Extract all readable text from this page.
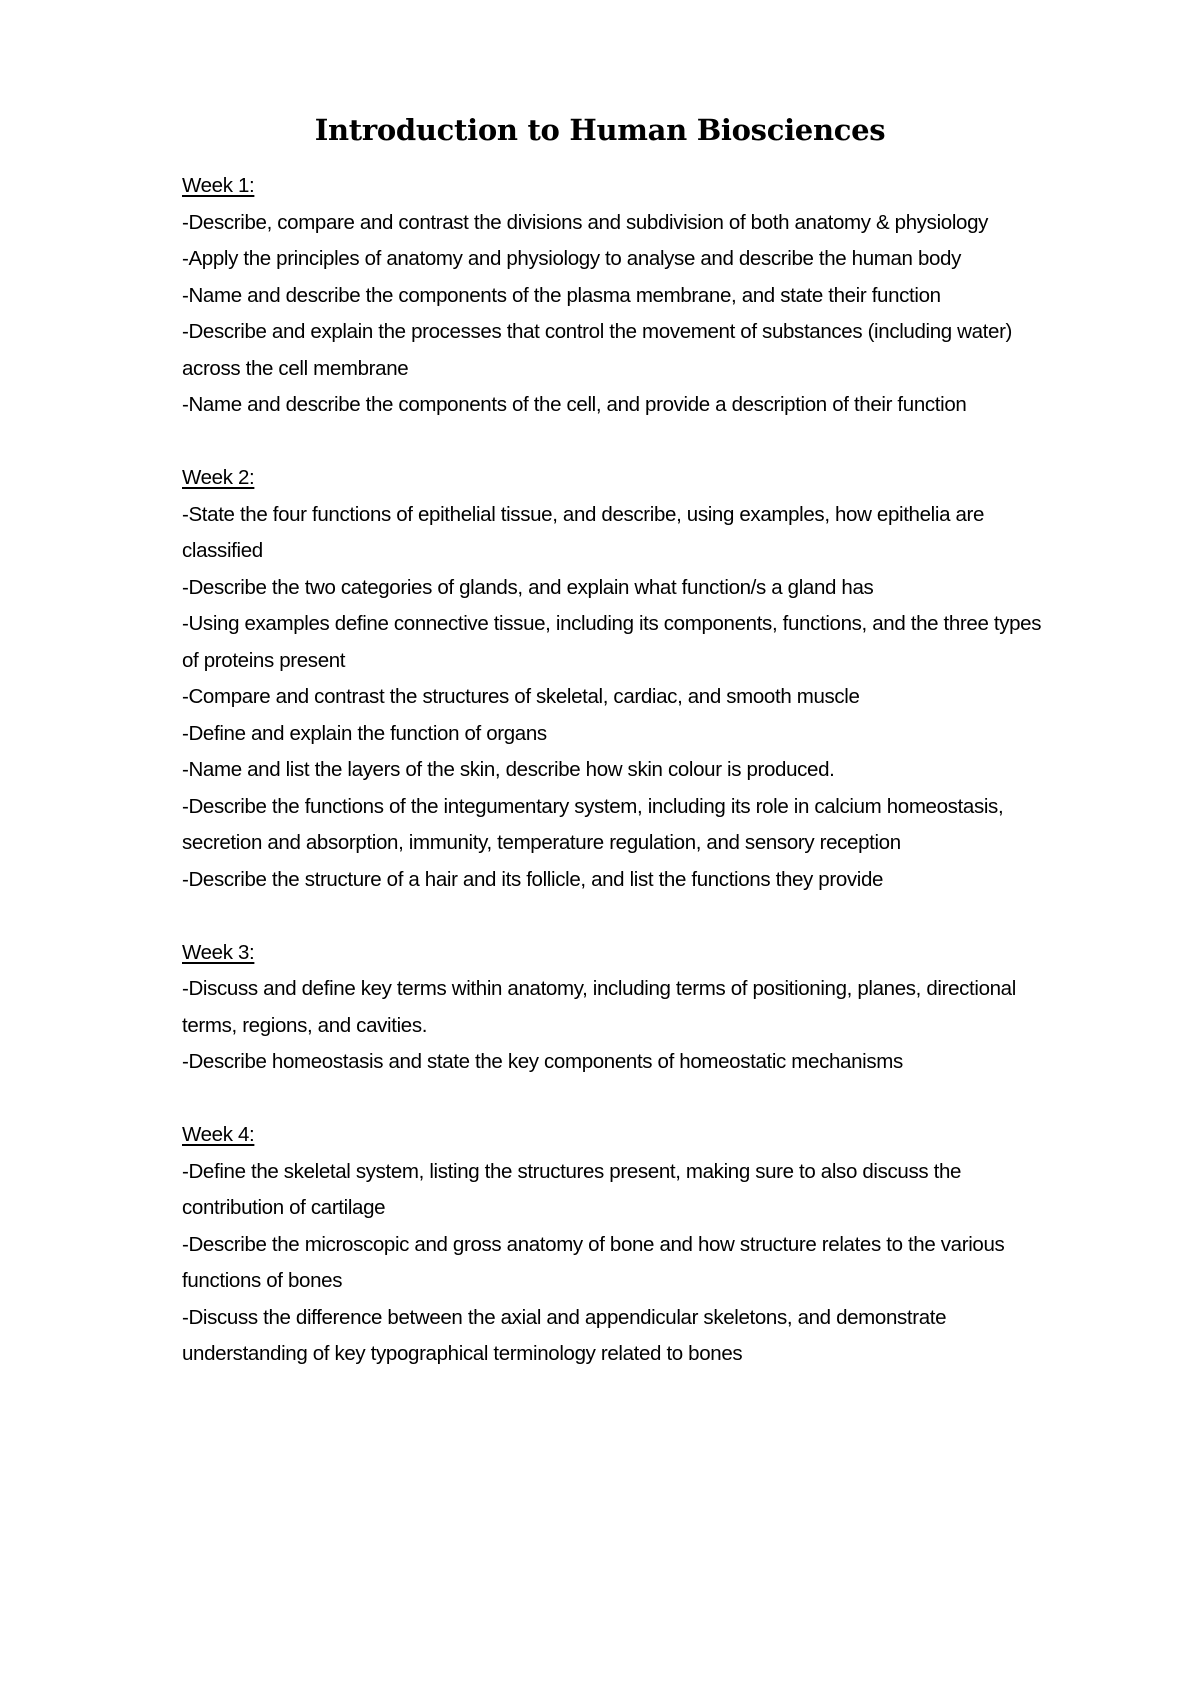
Introduction to Human Biosciences
Week 1:
-Describe, compare and contrast the divisions and subdivision of both anatomy & physiology
-Apply the principles of anatomy and physiology to analyse and describe the human body
-Name and describe the components of the plasma membrane, and state their function
-Describe and explain the processes that control the movement of substances (including water) across the cell membrane
-Name and describe the components of the cell, and provide a description of their function
Week 2:
-State the four functions of epithelial tissue, and describe, using examples, how epithelia are classified
-Describe the two categories of glands, and explain what function/s a gland has
-Using examples define connective tissue, including its components, functions, and the three types of proteins present
-Compare and contrast the structures of skeletal, cardiac, and smooth muscle
-Define and explain the function of organs
-Name and list the layers of the skin, describe how skin colour is produced.
-Describe the functions of the integumentary system, including its role in calcium homeostasis, secretion and absorption, immunity, temperature regulation, and sensory reception
-Describe the structure of a hair and its follicle, and list the functions they provide
Week 3:
-Discuss and define key terms within anatomy, including terms of positioning, planes, directional terms, regions, and cavities.
-Describe homeostasis and state the key components of homeostatic mechanisms
Week 4:
-Define the skeletal system, listing the structures present, making sure to also discuss the contribution of cartilage
-Describe the microscopic and gross anatomy of bone and how structure relates to the various functions of bones
-Discuss the difference between the axial and appendicular skeletons, and demonstrate understanding of key typographical terminology related to bones
